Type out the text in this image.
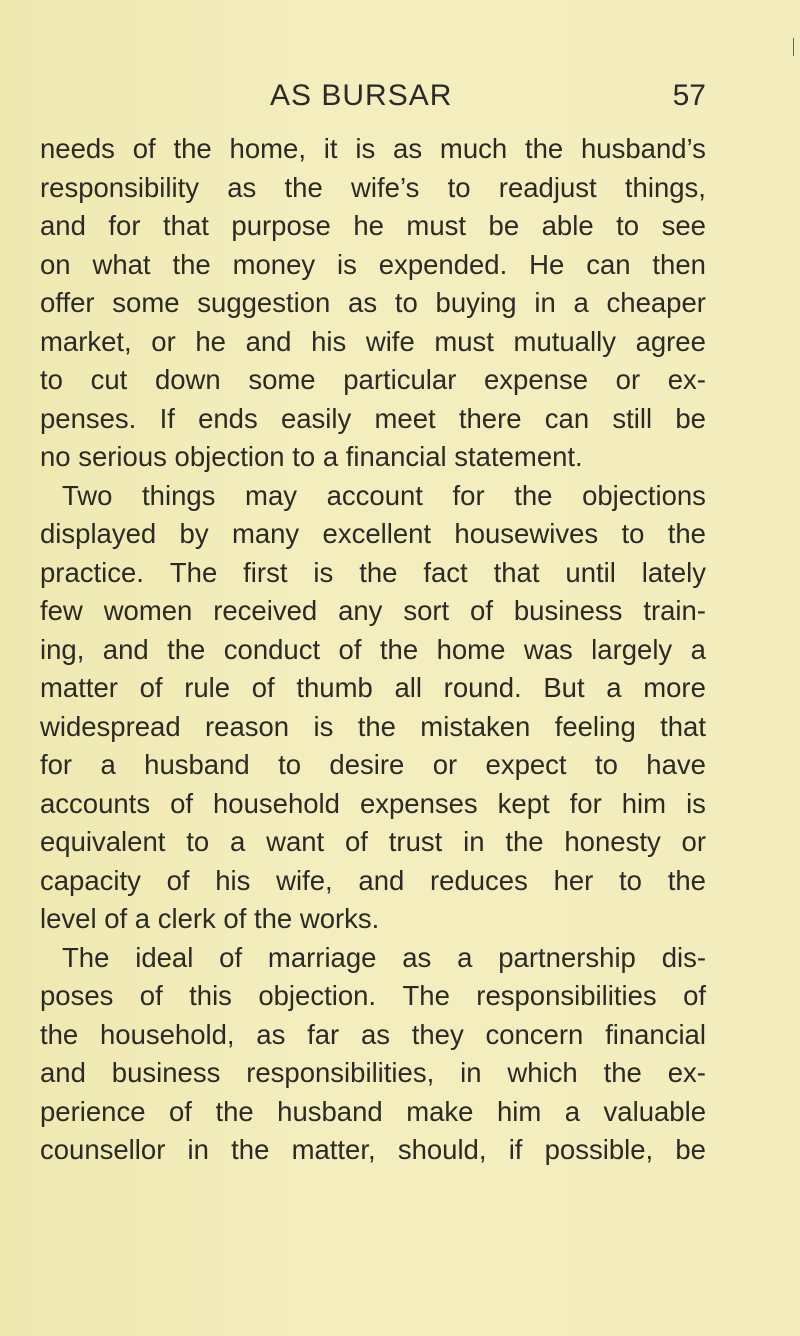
AS BURSAR	57
needs of the home, it is as much the husband’s
responsibility as the wife’s to readjust things,
and for that purpose he must be able to see
on what the money is expended. He can then
offer some suggestion as to buying in a cheaper
market, or he and his wife must mutually agree
to cut down some particular expense or ex-
penses. If ends easily meet there can still be
no serious objection to a financial statement.
Two things may account for the objections
displayed by many excellent housewives to the
practice. The first is the fact that until lately
few women received any sort of business train-
ing, and the conduct of the home was largely a
matter of rule of thumb all round. But a more
widespread reason is the mistaken feeling that
for a husband to desire or expect to have
accounts of household expenses kept for him is
equivalent to a want of trust in the honesty or
capacity of his wife, and reduces her to the
level of a clerk of the works.
The ideal of marriage as a partnership dis-
poses of this objection. The responsibilities of
the household, as far as they concern financial
and business responsibilities, in which the ex-
perience of the husband make him a valuable
counsellor in the matter, should, if possible, be
